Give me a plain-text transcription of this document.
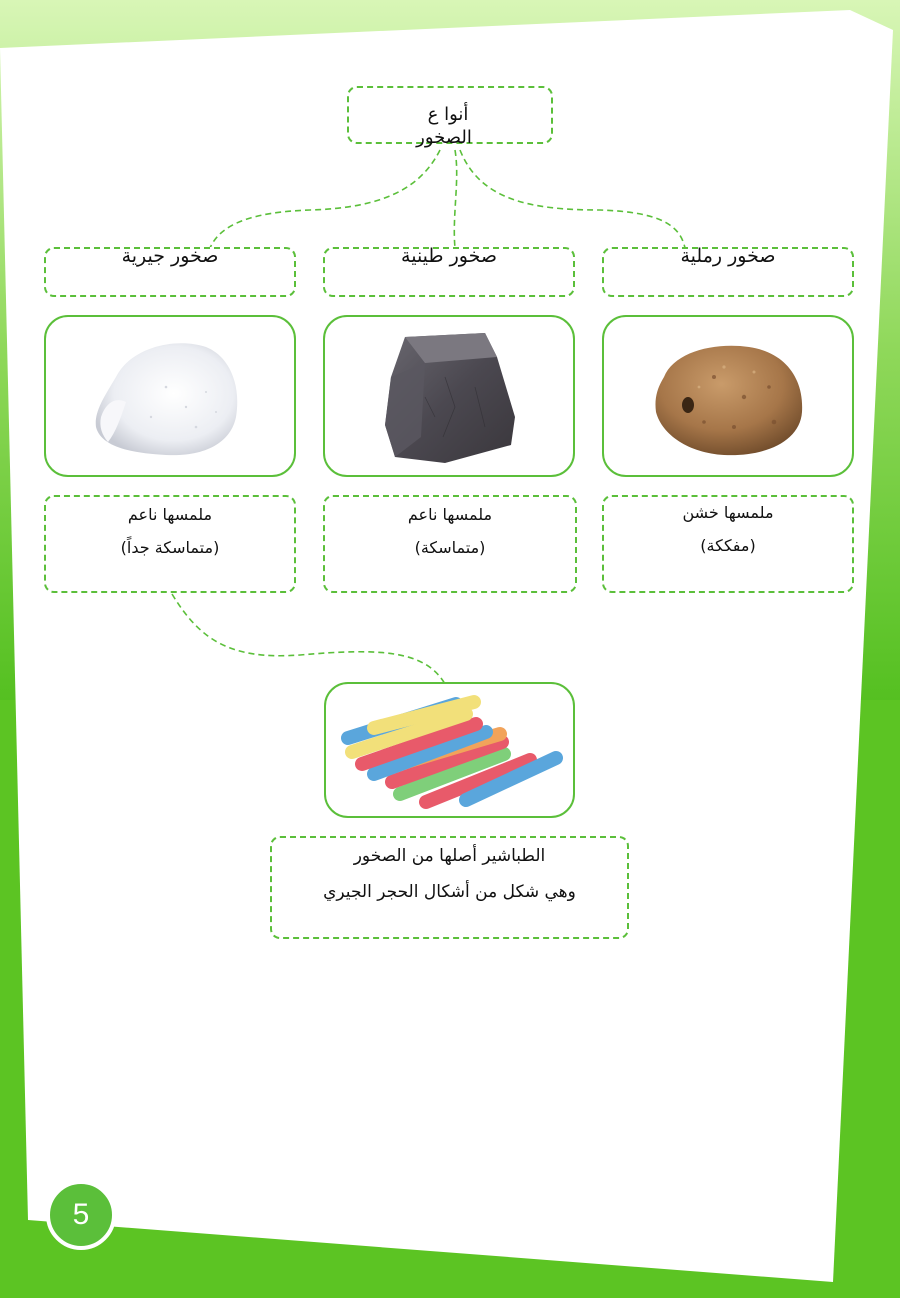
أنوا ع
الصخور
صخور جيرية	صخور طينية	صخور رملية
ملمسها ناعم
(متماسكة جداً)
ملمسها ناعم
(متماسكة)
ملمسها خشن
(مفككة)
الطباشير أصلها من الصخور
وهي شكل من أشكال الحجر الجيري
5
